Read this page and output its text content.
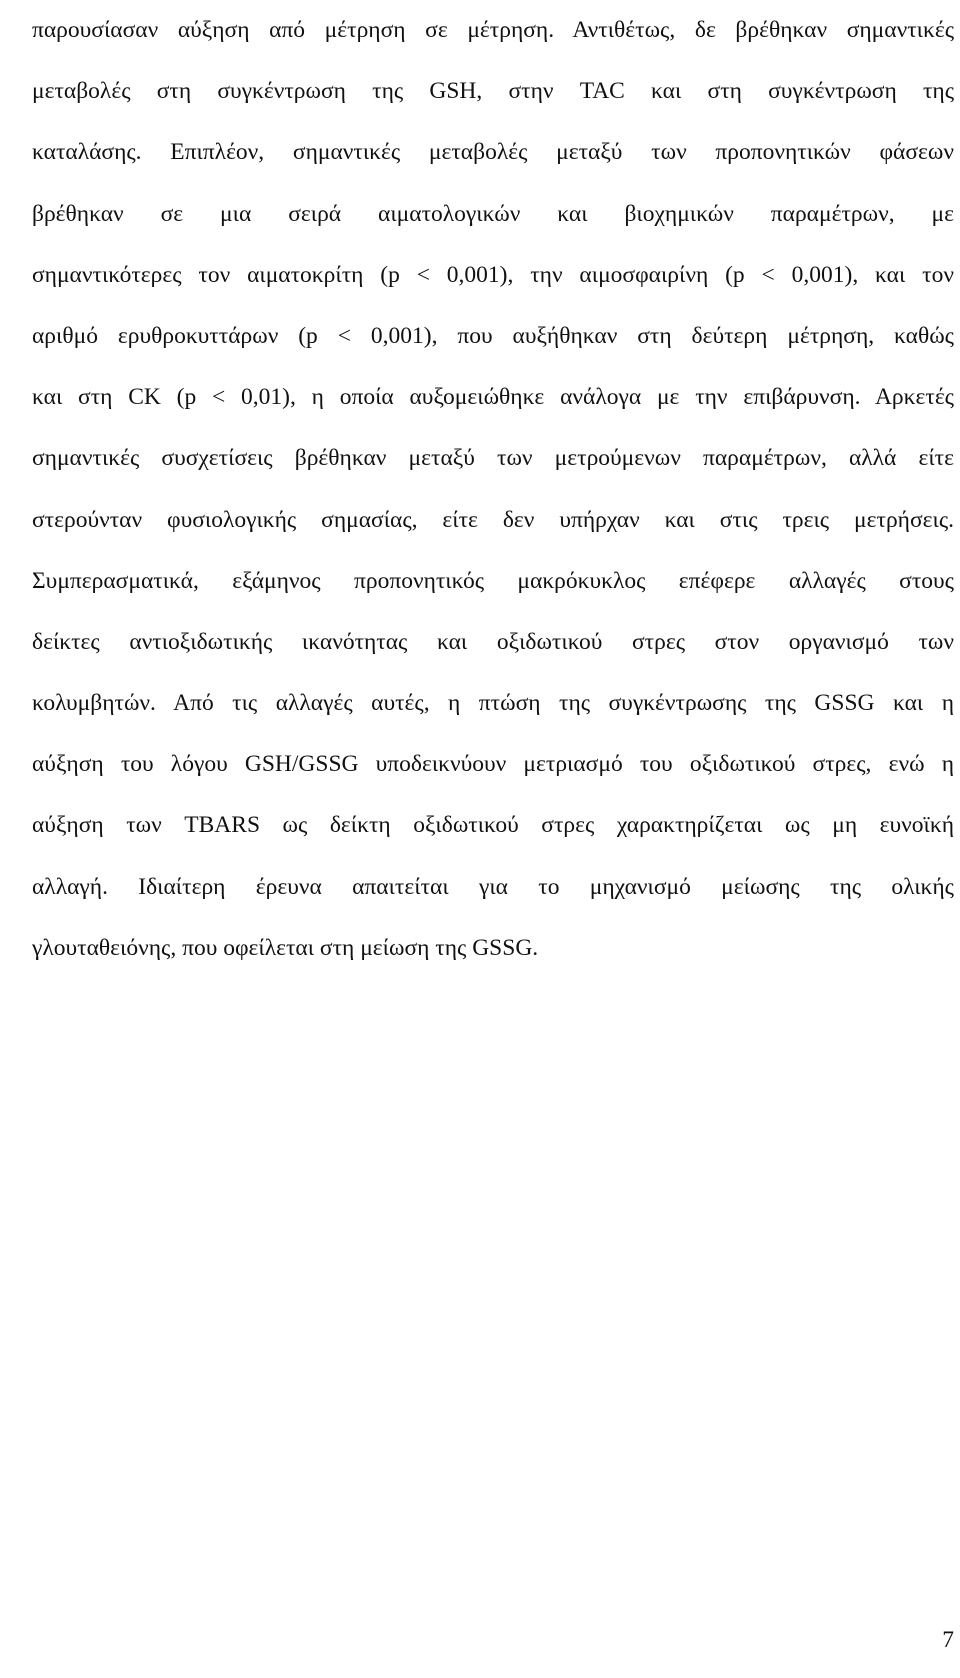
παρουσίασαν αύξηση από μέτρηση σε μέτρηση. Αντιθέτως, δε βρέθηκαν σημαντικές
μεταβολές στη συγκέντρωση της GSH, στην TAC και στη συγκέντρωση της
καταλάσης. Επιπλέον, σημαντικές μεταβολές μεταξύ των προπονητικών φάσεων
βρέθηκαν σε μια σειρά αιματολογικών και βιοχημικών παραμέτρων, με
σημαντικότερες τον αιματοκρίτη (p < 0,001), την αιμοσφαιρίνη (p < 0,001), και τον
αριθμό ερυθροκυττάρων (p < 0,001), που αυξήθηκαν στη δεύτερη μέτρηση, καθώς
και στη CK (p < 0,01), η οποία αυξομειώθηκε ανάλογα με την επιβάρυνση. Αρκετές
σημαντικές συσχετίσεις βρέθηκαν μεταξύ των μετρούμενων παραμέτρων, αλλά είτε
στερούνταν φυσιολογικής σημασίας, είτε δεν υπήρχαν και στις τρεις μετρήσεις.
Συμπερασματικά, εξάμηνος προπονητικός μακρόκυκλος επέφερε αλλαγές στους
δείκτες αντιοξιδωτικής ικανότητας και οξιδωτικού στρες στον οργανισμό των
κολυμβητών. Από τις αλλαγές αυτές, η πτώση της συγκέντρωσης της GSSG και η
αύξηση του λόγου GSH/GSSG υποδεικνύουν μετριασμό του οξιδωτικού στρες, ενώ η
αύξηση των TBARS ως δείκτη οξιδωτικού στρες χαρακτηρίζεται ως μη ευνοϊκή
αλλαγή. Ιδιαίτερη έρευνα απαιτείται για το μηχανισμό μείωσης της ολικής
γλουταθειόνης, που οφείλεται στη μείωση της GSSG.
7
